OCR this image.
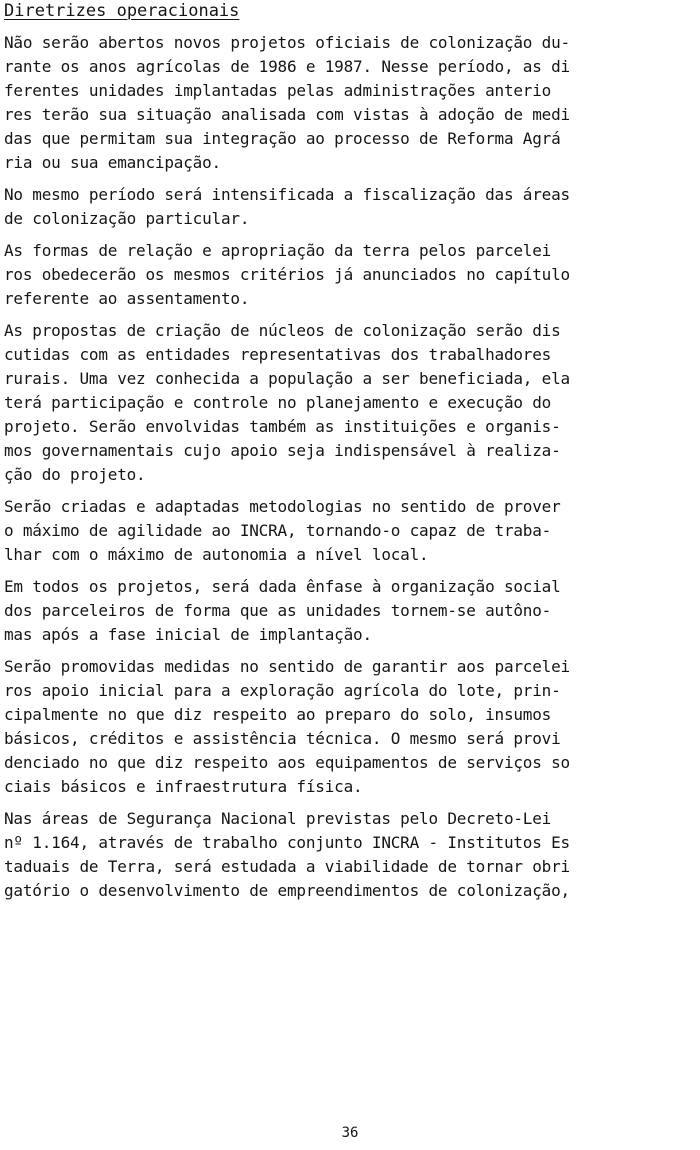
Diretrizes operacionais
Não serão abertos novos projetos oficiais de colonização du-
rante os anos agrícolas de 1986 e 1987. Nesse período, as di
ferentes unidades implantadas pelas administrações anterio
res terão sua situação analisada com vistas à adoção de medi
das que permitam sua integração ao processo de Reforma Agrá
ria ou sua emancipação.
No mesmo período será intensificada a fiscalização das áreas
de colonização particular.
As formas de relação e apropriação da terra pelos parcelei
ros obedecerão os mesmos critérios já anunciados no capítulo
referente ao assentamento.
As propostas de criação de núcleos de colonização serão dis
cutidas com as entidades representativas dos trabalhadores
rurais. Uma vez conhecida a população a ser beneficiada, ela
terá participação e controle no planejamento e execução do
projeto. Serão envolvidas também as instituições e organis-
mos governamentais cujo apoio seja indispensável à realiza-
ção do projeto.
Serão criadas e adaptadas metodologias no sentido de prover
o máximo de agilidade ao INCRA, tornando-o capaz de traba-
lhar com o máximo de autonomia a nível local.
Em todos os projetos, será dada ênfase à organização social
dos parceleiros de forma que as unidades tornem-se autôno-
mas após a fase inicial de implantação.
Serão promovidas medidas no sentido de garantir aos parcelei
ros apoio inicial para a exploração agrícola do lote, prin-
cipalmente no que diz respeito ao preparo do solo, insumos
básicos, créditos e assistência técnica. O mesmo será provi
denciado no que diz respeito aos equipamentos de serviços so
ciais básicos e infraestrutura física.
Nas áreas de Segurança Nacional previstas pelo Decreto-Lei
nº 1.164, através de trabalho conjunto INCRA - Institutos Es
taduais de Terra, será estudada a viabilidade de tornar obri
gatório o desenvolvimento de empreendimentos de colonização,
36
